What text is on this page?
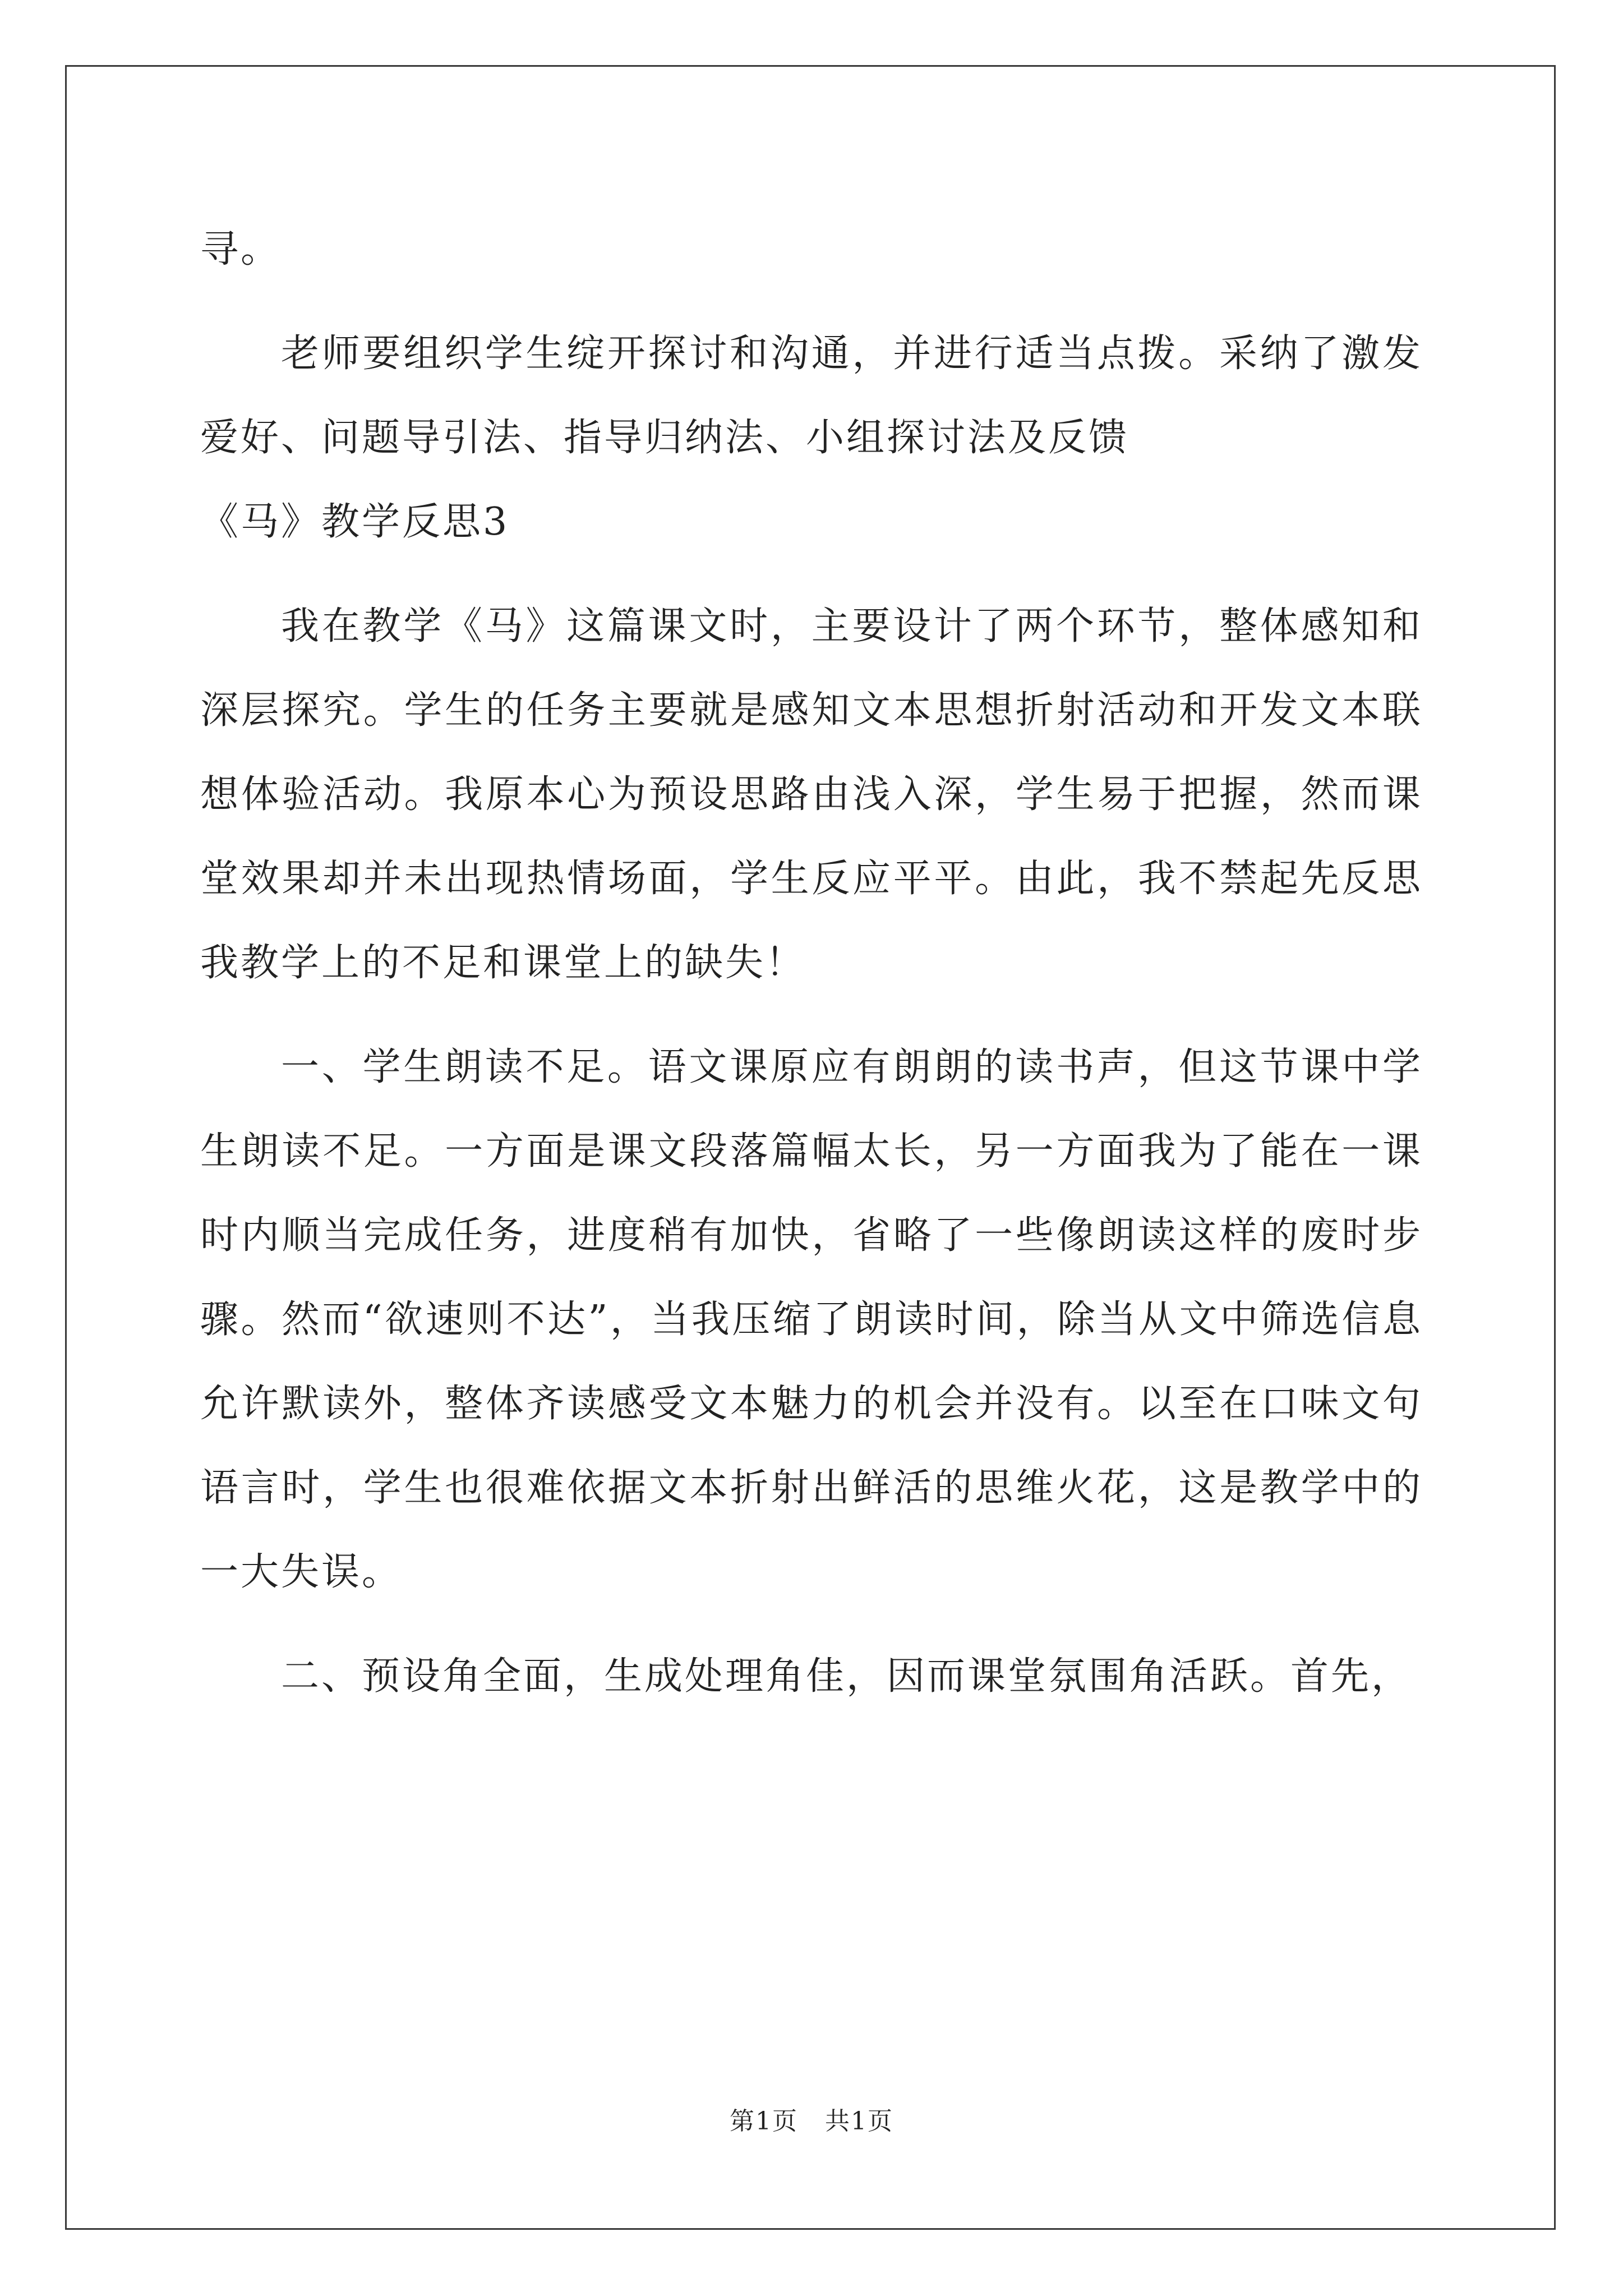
寻。

老师要组织学生绽开探讨和沟通，并进行适当点拨。采纳了激发爱好、问题导引法、指导归纳法、小组探讨法及反馈

《马》教学反思3

我在教学《马》这篇课文时，主要设计了两个环节，整体感知和深层探究。学生的任务主要就是感知文本思想折射活动和开发文本联想体验活动。我原本心为预设思路由浅入深，学生易于把握，然而课堂效果却并未出现热情场面，学生反应平平。由此，我不禁起先反思我教学上的不足和课堂上的缺失！

一、学生朗读不足。语文课原应有朗朗的读书声，但这节课中学生朗读不足。一方面是课文段落篇幅太长，另一方面我为了能在一课时内顺当完成任务，进度稍有加快，省略了一些像朗读这样的废时步骤。然而“欲速则不达”，当我压缩了朗读时间，除当从文中筛选信息允许默读外，整体齐读感受文本魅力的机会并没有。以至在口味文句语言时，学生也很难依据文本折射出鲜活的思维火花，这是教学中的一大失误。

二、预设角全面，生成处理角佳，因而课堂氛围角活跃。首先，

第1页 共1页
